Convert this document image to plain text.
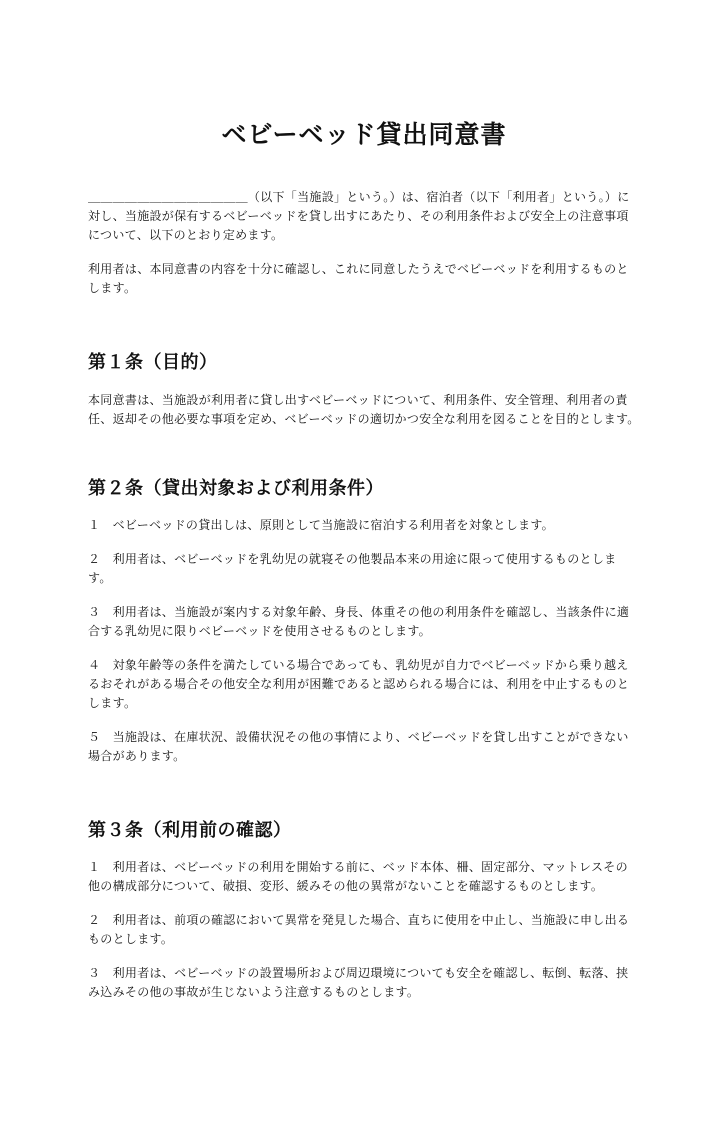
ベビーベッド貸出同意書

＿＿＿＿＿＿＿＿＿＿＿＿＿（以下「当施設」という。）は、宿泊者（以下「利用者」という。）に対し、当施設が保有するベビーベッドを貸し出すにあたり、その利用条件および安全上の注意事項について、以下のとおり定めます。

利用者は、本同意書の内容を十分に確認し、これに同意したうえでベビーベッドを利用するものとします。

第１条（目的）

本同意書は、当施設が利用者に貸し出すベビーベッドについて、利用条件、安全管理、利用者の責任、返却その他必要な事項を定め、ベビーベッドの適切かつ安全な利用を図ることを目的とします。

第２条（貸出対象および利用条件）

１　ベビーベッドの貸出しは、原則として当施設に宿泊する利用者を対象とします。

２　利用者は、ベビーベッドを乳幼児の就寝その他製品本来の用途に限って使用するものとします。

３　利用者は、当施設が案内する対象年齢、身長、体重その他の利用条件を確認し、当該条件に適合する乳幼児に限りベビーベッドを使用させるものとします。

４　対象年齢等の条件を満たしている場合であっても、乳幼児が自力でベビーベッドから乗り越えるおそれがある場合その他安全な利用が困難であると認められる場合には、利用を中止するものとします。

５　当施設は、在庫状況、設備状況その他の事情により、ベビーベッドを貸し出すことができない場合があります。

第３条（利用前の確認）

１　利用者は、ベビーベッドの利用を開始する前に、ベッド本体、柵、固定部分、マットレスその他の構成部分について、破損、変形、緩みその他の異常がないことを確認するものとします。

２　利用者は、前項の確認において異常を発見した場合、直ちに使用を中止し、当施設に申し出るものとします。

３　利用者は、ベビーベッドの設置場所および周辺環境についても安全を確認し、転倒、転落、挟み込みその他の事故が生じないよう注意するものとします。
